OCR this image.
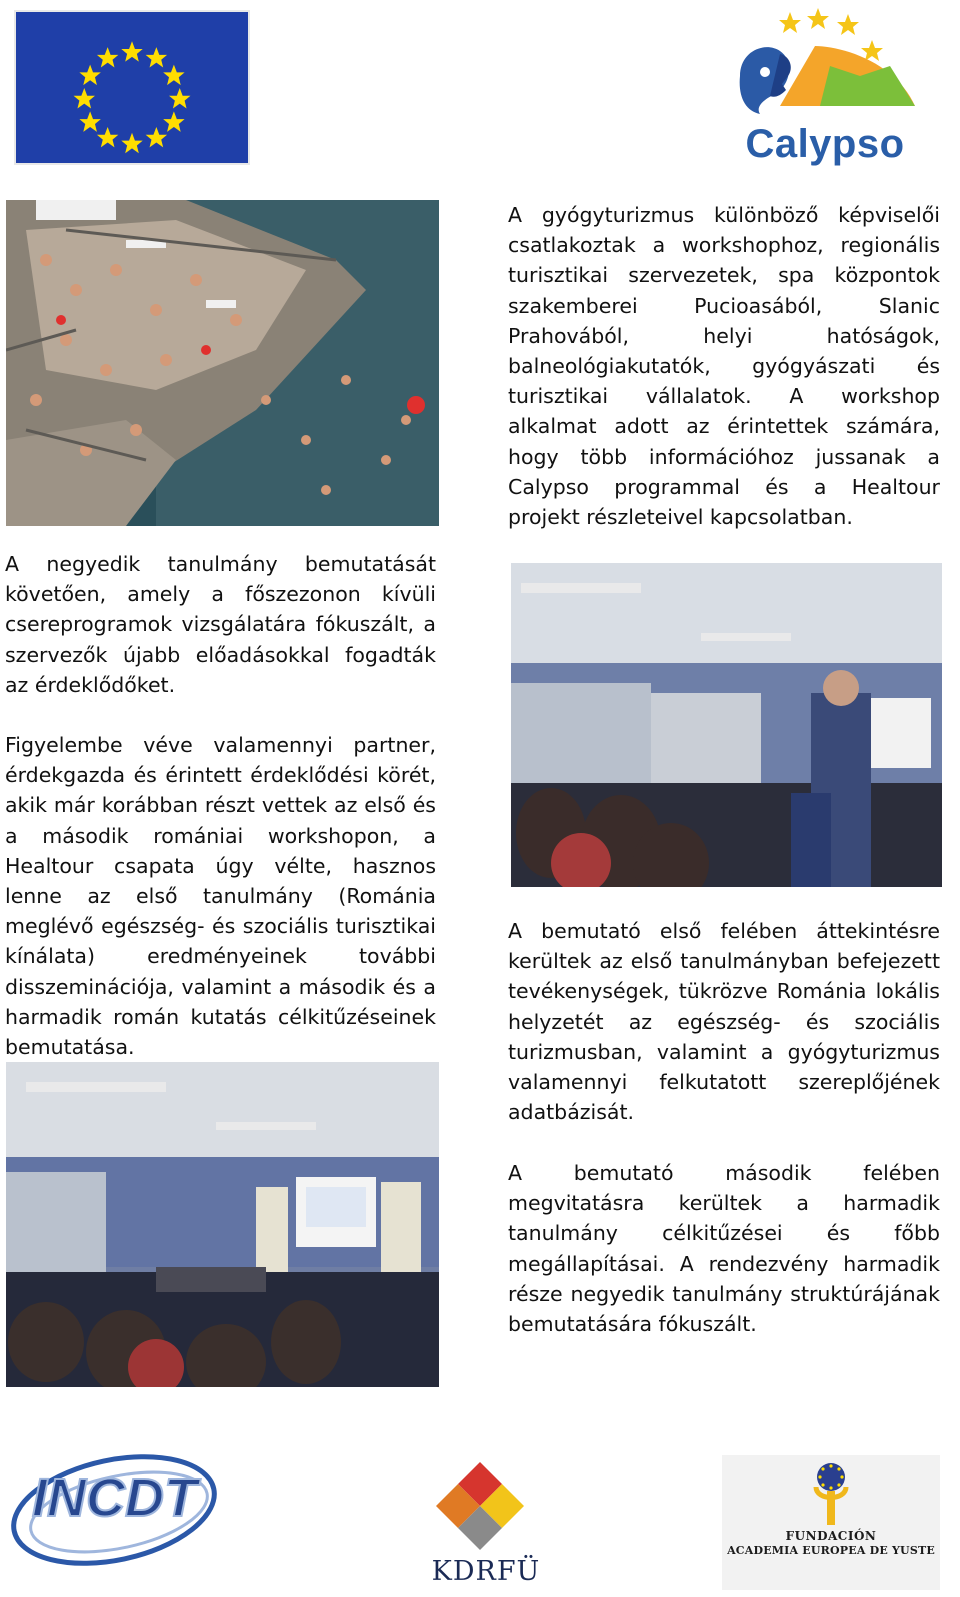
Calypso

A gyógyturizmus különböző képviselői csatlakoztak a workshophoz, regionális turisztikai szervezetek, spa központok szakemberei Pucioasából, Slanic Prahovából, helyi hatóságok, balneológiakutatók, gyógyászati és turisztikai vállalatok. A workshop alkalmat adott az érintettek számára, hogy több információhoz jussanak a Calypso programmal és a Healtour projekt részleteivel kapcsolatban.

A negyedik tanulmány bemutatását követően, amely a főszezonon kívüli csereprogramok vizsgálatára fókuszált, a szervezők újabb előadásokkal fogadták az érdeklődőket.

Figyelembe véve valamennyi partner, érdekgazda és érintett érdeklődési körét, akik már korábban részt vettek az első és a második romániai workshopon, a Healtour csapata úgy vélte, hasznos lenne az első tanulmány (Románia meglévő egészség- és szociális turisztikai kínálata) eredményeinek további disszeminációja, valamint a második és a harmadik román kutatás célkitűzéseinek bemutatása.

A bemutató első felében áttekintésre kerültek az első tanulmányban befejezett tevékenységek, tükrözve Románia lokális helyzetét az egészség- és szociális turizmusban, valamint a gyógyturizmus valamennyi felkutatott szereplőjének adatbázisát.

A bemutató második felében megvitatásra kerültek a harmadik tanulmány célkitűzései és főbb megállapításai. A rendezvény harmadik része negyedik tanulmány struktúrájának bemutatására fókuszált.

INCDT
KDRFÜ
FUNDACIÓN
ACADEMIA EUROPEA DE YUSTE
